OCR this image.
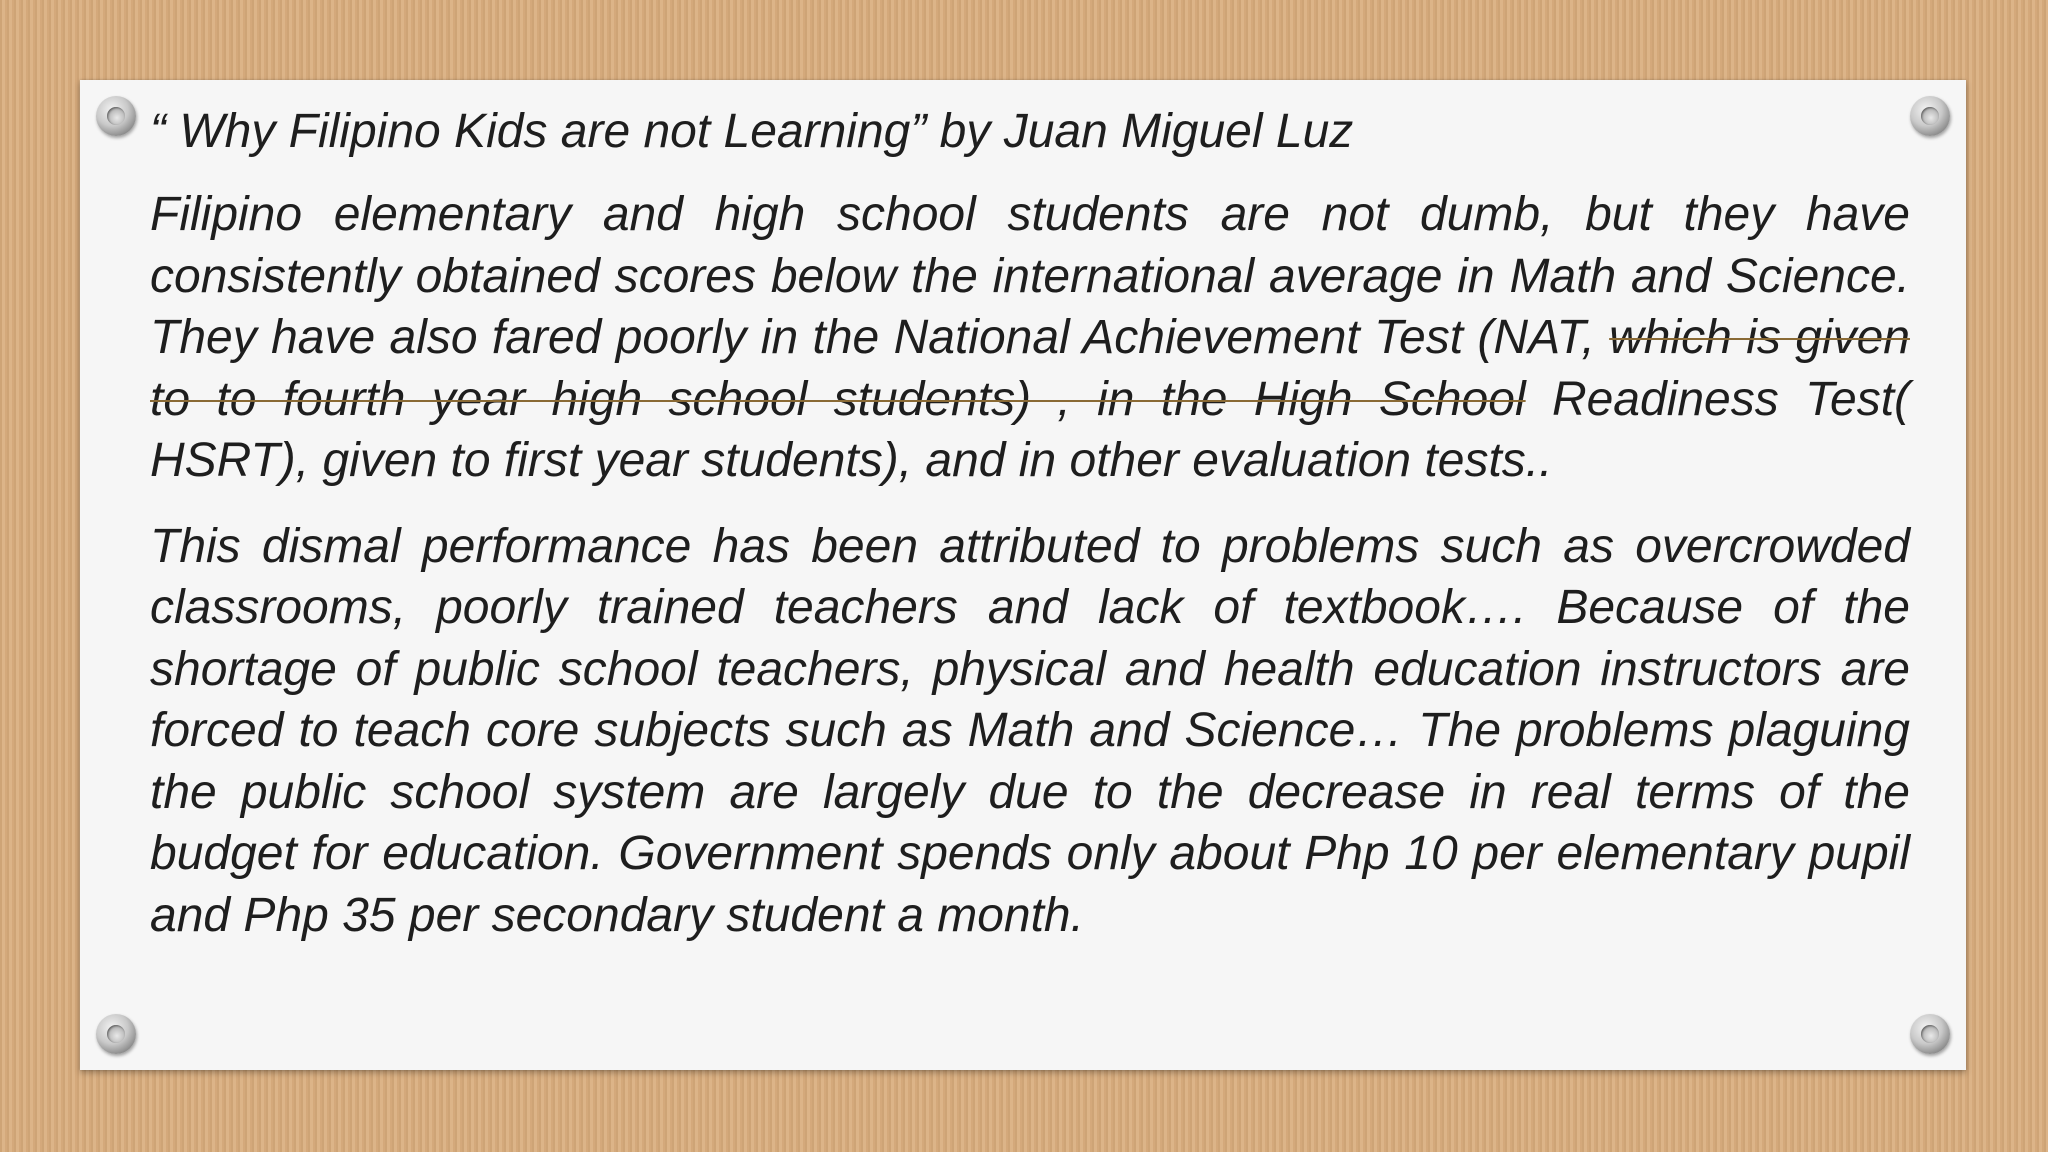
“ Why Filipino Kids are not Learning” by Juan Miguel Luz

Filipino elementary and high school students are not dumb, but they have consistently obtained scores below the international average in Math and Science. They have also fared poorly in the National Achievement Test (NAT, which is given to to fourth year high school students) , in the High School Readiness Test( HSRT), given to first year students), and in other evaluation tests..

This dismal performance has been attributed to problems such as overcrowded classrooms, poorly trained teachers and lack of textbook…. Because of the shortage of public school teachers, physical and health education instructors are forced to teach core subjects such as Math and Science… The problems plaguing the public school system are largely due to the decrease in real terms of the budget for education. Government spends only about Php 10 per elementary pupil and Php 35 per secondary student a month.
